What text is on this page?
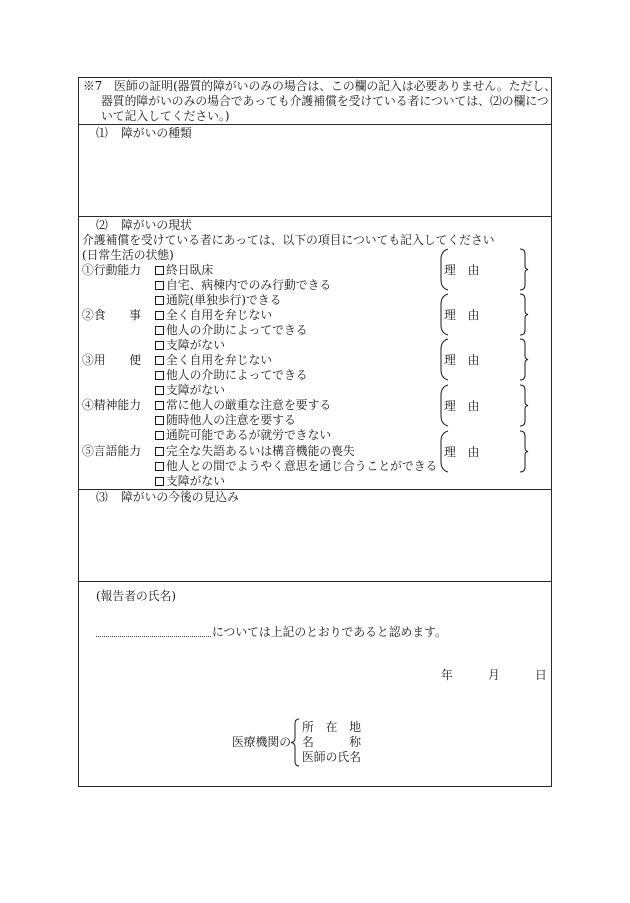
※7　医師の証明(器質的障がいのみの場合は、この欄の記入は必要ありません。ただし、
器質的障がいのみの場合であっても介護補償を受けている者については、⑵の欄につ
いて記入してください。)
⑴ 障がいの種類
⑵ 障がいの現状
介護補償を受けている者にあっては、以下の項目についても記入してください
(日常生活の状態)
①行動能力 終日臥床
自宅、病棟内でのみ行動できる
通院(単独歩行)できる
②食　　事 全く自用を弁じない
他人の介助によってできる
支障がない
③用　　便 全く自用を弁じない
他人の介助によってできる
支障がない
④精神能力 常に他人の厳重な注意を要する
随時他人の注意を要する
通院可能であるが就労できない
⑤言語能力 完全な失語あるいは構音機能の喪失
他人との間でようやく意思を通じ合うことができる
支障がない
理　由
理　由
理　由
理　由
理　由
⑶ 障がいの今後の見込み
(報告者の氏名)
については上記のとおりであると認めます。
年	月	日
医療機関の
所　在　地
名　　　称
医師の氏名
